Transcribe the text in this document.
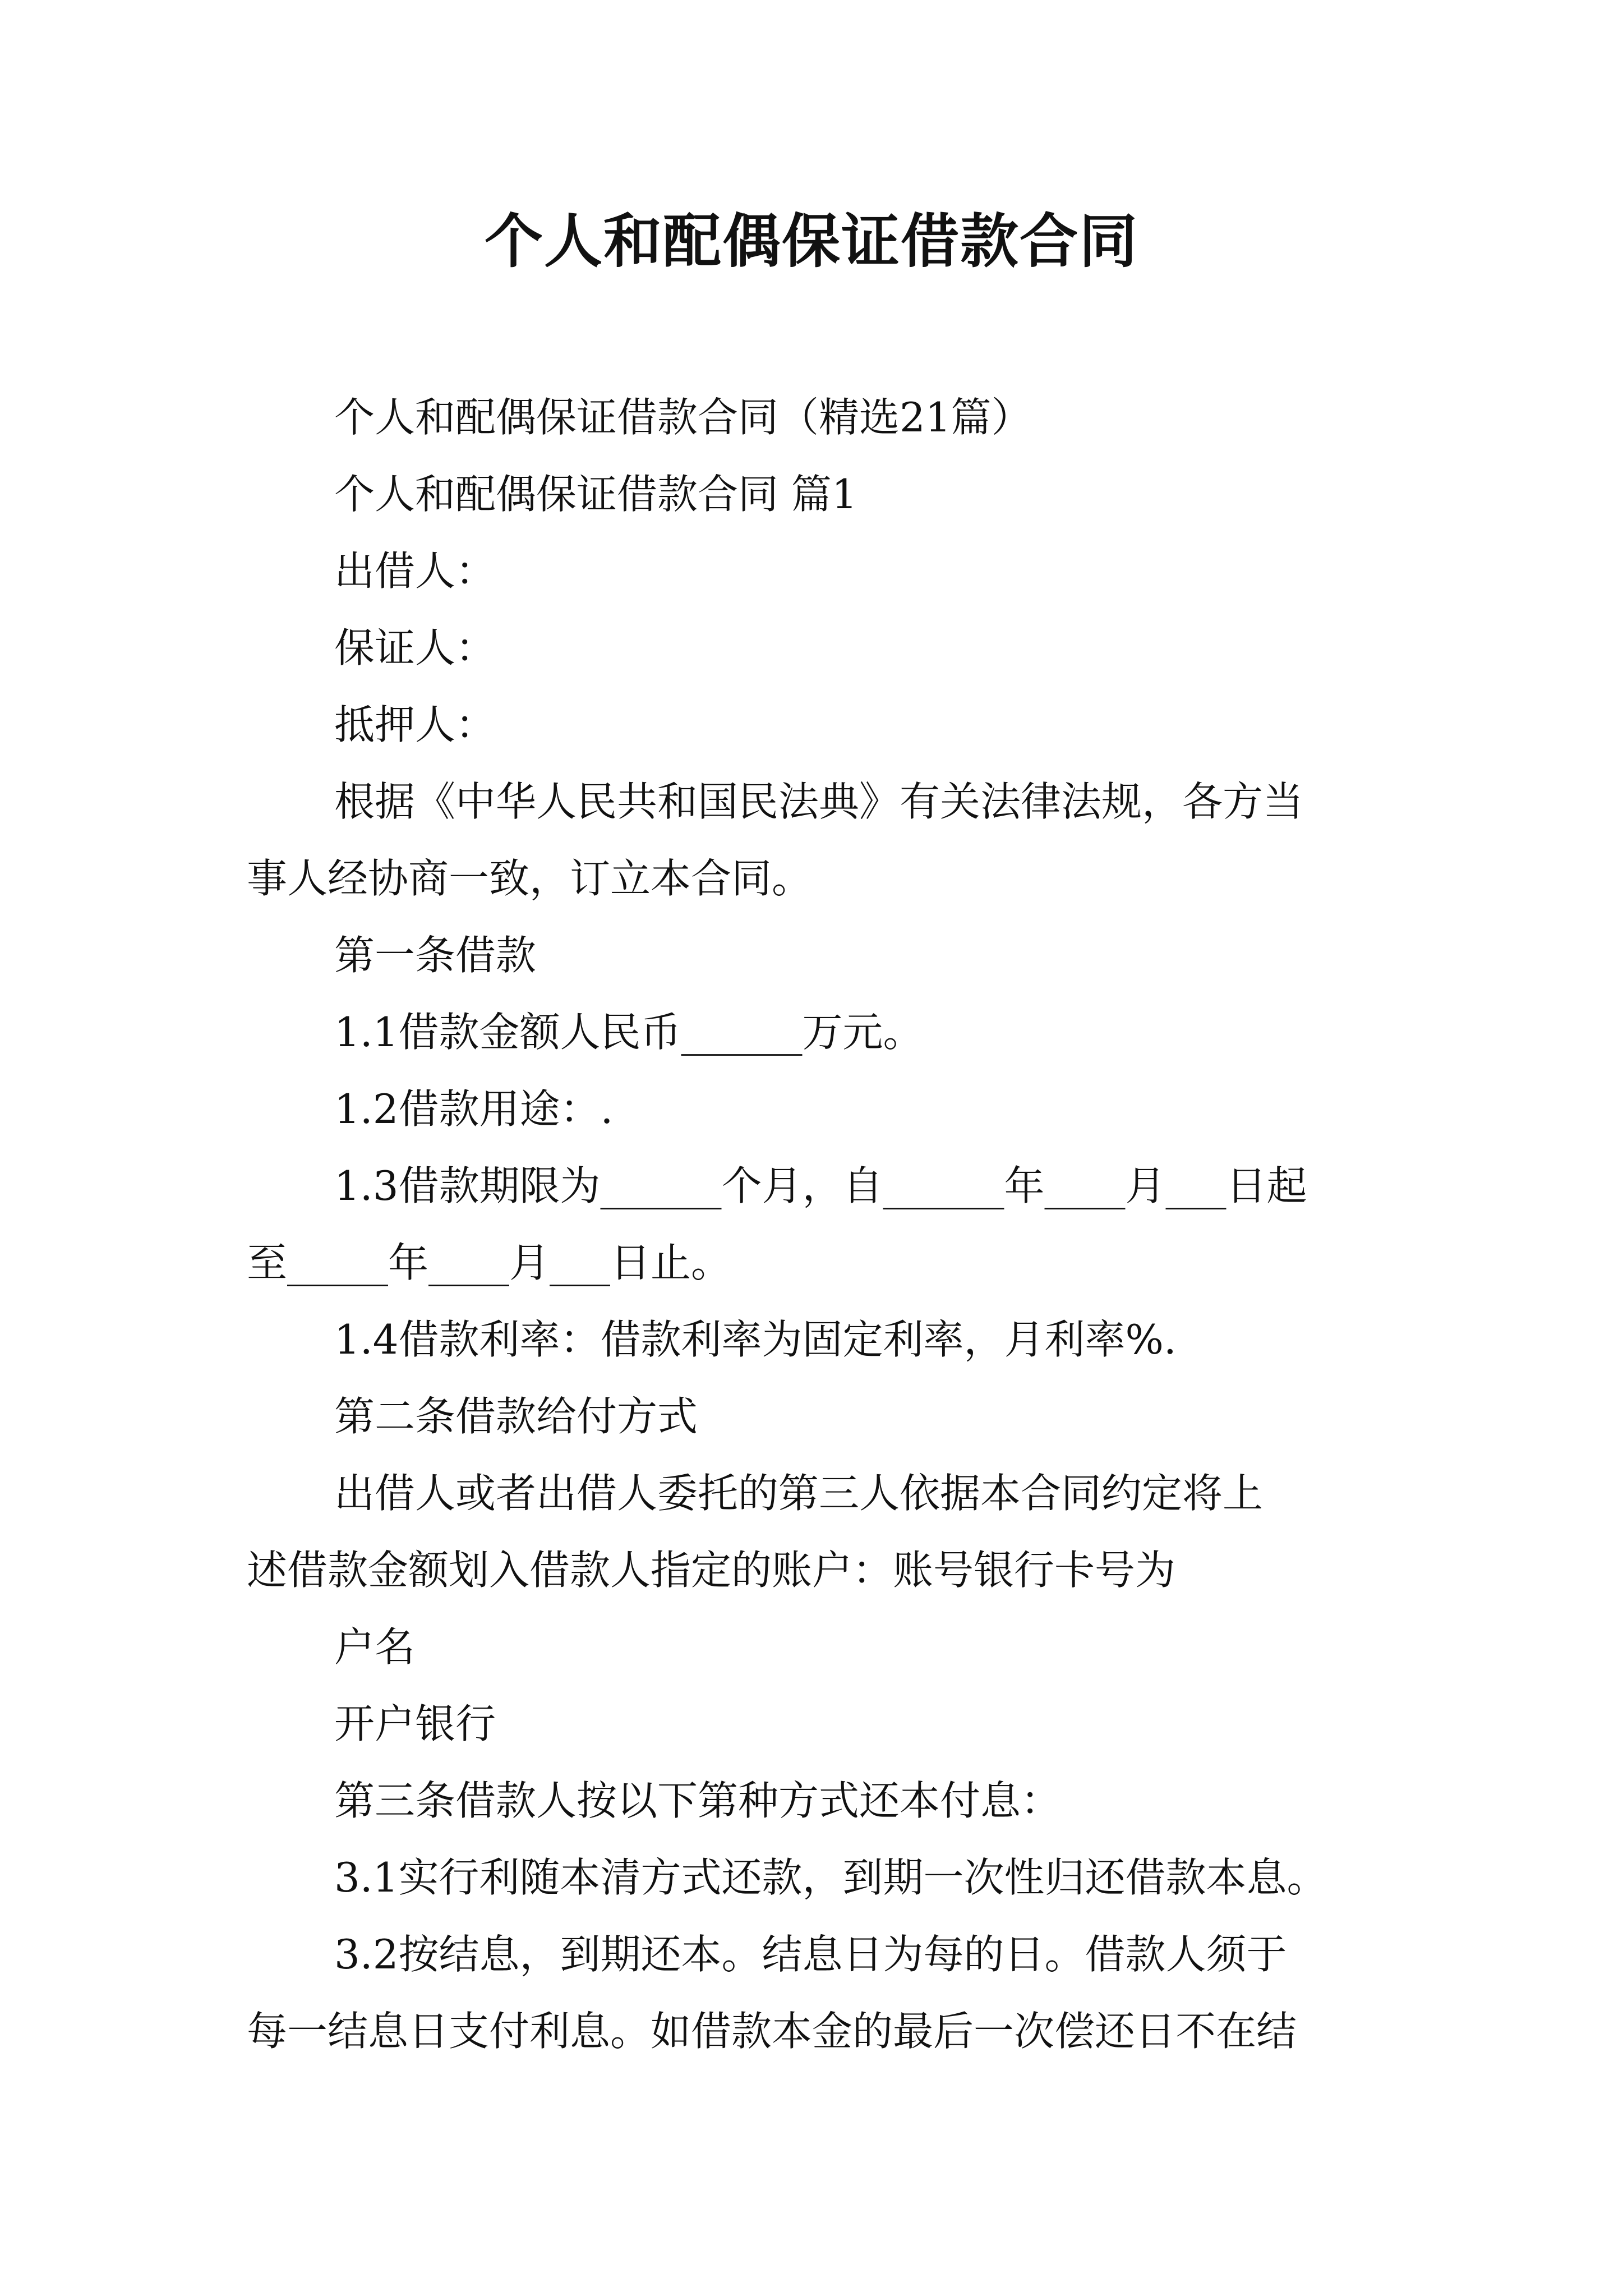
个人和配偶保证借款合同

个人和配偶保证借款合同（精选21篇）

个人和配偶保证借款合同 篇1

出借人：

保证人：

抵押人：

根据《中华人民共和国民法典》有关法律法规，各方当

事人经协商一致，订立本合同。

第一条借款

1.1借款金额人民币______万元。

1.2借款用途：.

1.3借款期限为______个月，自______年____月___日起

至_____年____月___日止。

1.4借款利率：借款利率为固定利率，月利率%.

第二条借款给付方式

出借人或者出借人委托的第三人依据本合同约定将上

述借款金额划入借款人指定的账户：账号银行卡号为

户名

开户银行

第三条借款人按以下第种方式还本付息：

3.1实行利随本清方式还款，到期一次性归还借款本息。

3.2按结息，到期还本。结息日为每的日。借款人须于

每一结息日支付利息。如借款本金的最后一次偿还日不在结
